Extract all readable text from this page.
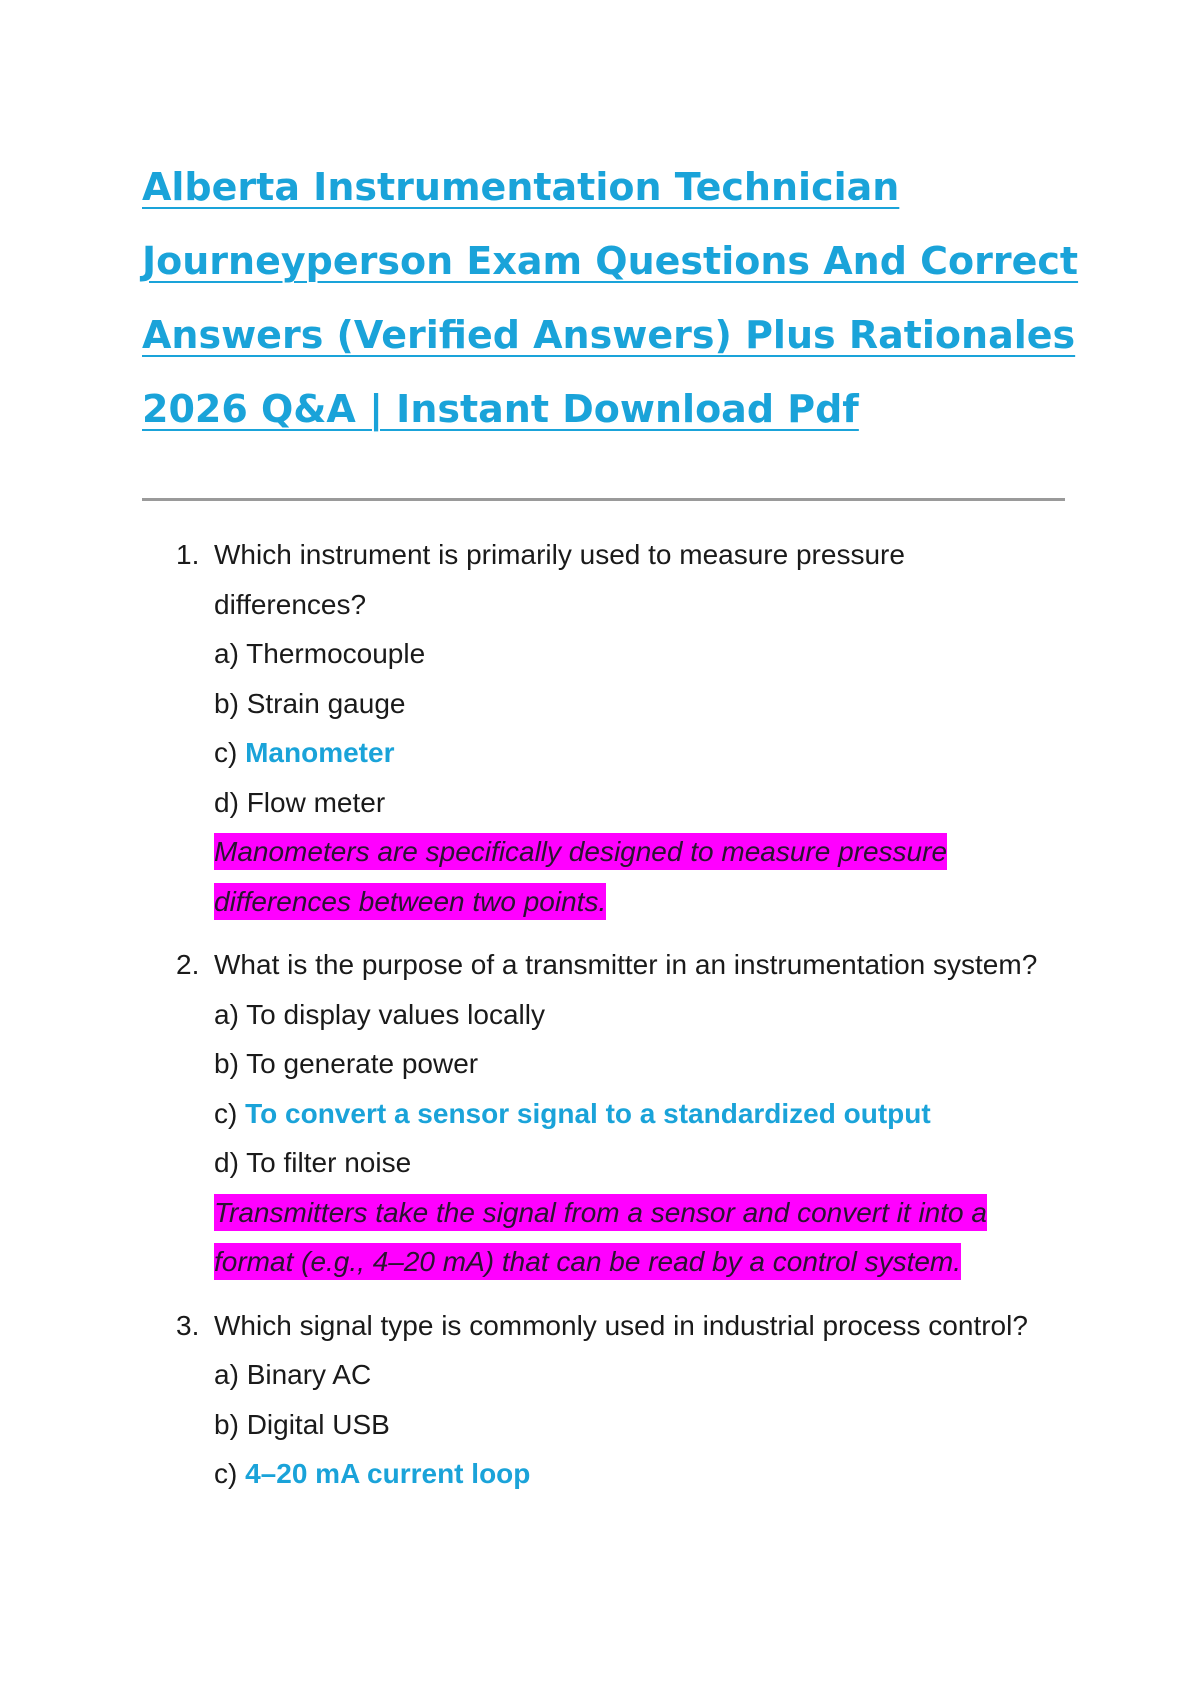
Alberta Instrumentation Technician
Journeyperson Exam Questions And Correct
Answers (Verified Answers) Plus Rationales
2026 Q&A | Instant Download Pdf
1. Which instrument is primarily used to measure pressure differences?
a) Thermocouple
b) Strain gauge
c) Manometer
d) Flow meter
Manometers are specifically designed to measure pressure differences between two points.
2. What is the purpose of a transmitter in an instrumentation system?
a) To display values locally
b) To generate power
c) To convert a sensor signal to a standardized output
d) To filter noise
Transmitters take the signal from a sensor and convert it into a format (e.g., 4–20 mA) that can be read by a control system.
3. Which signal type is commonly used in industrial process control?
a) Binary AC
b) Digital USB
c) 4–20 mA current loop
